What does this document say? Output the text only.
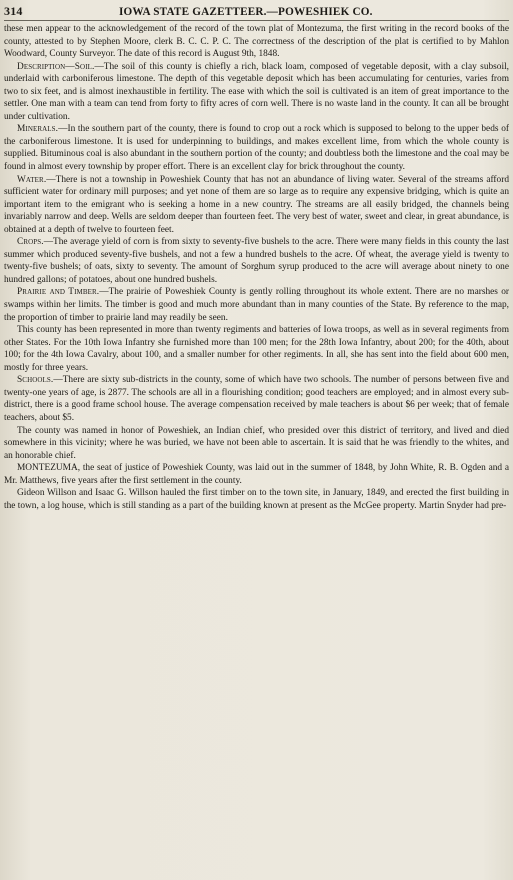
314	IOWA STATE GAZETTEER.—POWESHIEK CO.

these men appear to the acknowledgement of the record of the town plat of Montezuma, the first writing in the record books of the county, attested to by Stephen Moore, clerk B. C. C. P. C. The correctness of the description of the plat is certified to by Mahlon Woodward, County Surveyor. The date of this record is August 9th, 1848.

Description—Soil.—The soil of this county is chiefly a rich, black loam, composed of vegetable deposit, with a clay subsoil, underlaid with carboniferous limestone. The depth of this vegetable deposit which has been accumulating for centuries, varies from two to six feet, and is almost inexhaustible in fertility. The ease with which the soil is cultivated is an item of great importance to the settler. One man with a team can tend from forty to fifty acres of corn well. There is no waste land in the county. It can all be brought under cultivation.

Minerals.—In the southern part of the county, there is found to crop out a rock which is supposed to belong to the upper beds of the carboniferous limestone. It is used for underpinning to buildings, and makes excellent lime, from which the whole county is supplied. Bituminous coal is also abundant in the southern portion of the county; and doubtless both the limestone and the coal may be found in almost every township by proper effort. There is an excellent clay for brick throughout the county.

Water.—There is not a township in Poweshiek County that has not an abundance of living water. Several of the streams afford sufficient water for ordinary mill purposes; and yet none of them are so large as to require any expensive bridging, which is quite an important item to the emigrant who is seeking a home in a new country. The streams are all easily bridged, the channels being invariably narrow and deep. Wells are seldom deeper than fourteen feet. The very best of water, sweet and clear, in great abundance, is obtained at a depth of twelve to fourteen feet.

Crops.—The average yield of corn is from sixty to seventy-five bushels to the acre. There were many fields in this county the last summer which produced seventy-five bushels, and not a few a hundred bushels to the acre. Of wheat, the average yield is twenty to twenty-five bushels; of oats, sixty to seventy. The amount of Sorghum syrup produced to the acre will average about ninety to one hundred gallons; of potatoes, about one hundred bushels.

Prairie and Timber.—The prairie of Poweshiek County is gently rolling throughout its whole extent. There are no marshes or swamps within her limits. The timber is good and much more abundant than in many counties of the State. By reference to the map, the proportion of timber to prairie land may readily be seen.

This county has been represented in more than twenty regiments and batteries of Iowa troops, as well as in several regiments from other States. For the 10th Iowa Infantry she furnished more than 100 men; for the 28th Iowa Infantry, about 200; for the 40th, about 100; for the 4th Iowa Cavalry, about 100, and a smaller number for other regiments. In all, she has sent into the field about 600 men, mostly for three years.

Schools.—There are sixty sub-districts in the county, some of which have two schools. The number of persons between five and twenty-one years of age, is 2877. The schools are all in a flourishing condition; good teachers are employed; and in almost every sub-district, there is a good frame school house. The average compensation received by male teachers is about $6 per week; that of female teachers, about $5.

The county was named in honor of Poweshiek, an Indian chief, who presided over this district of territory, and lived and died somewhere in this vicinity; where he was buried, we have not been able to ascertain. It is said that he was friendly to the whites, and an honorable chief.

MONTEZUMA, the seat of justice of Poweshiek County, was laid out in the summer of 1848, by John White, R. B. Ogden and a Mr. Matthews, five years after the first settlement in the county.

Gideon Willson and Isaac G. Willson hauled the first timber on to the town site, in January, 1849, and erected the first building in the town, a log house, which is still standing as a part of the building known at present as the McGee property. Martin Snyder had pre-
